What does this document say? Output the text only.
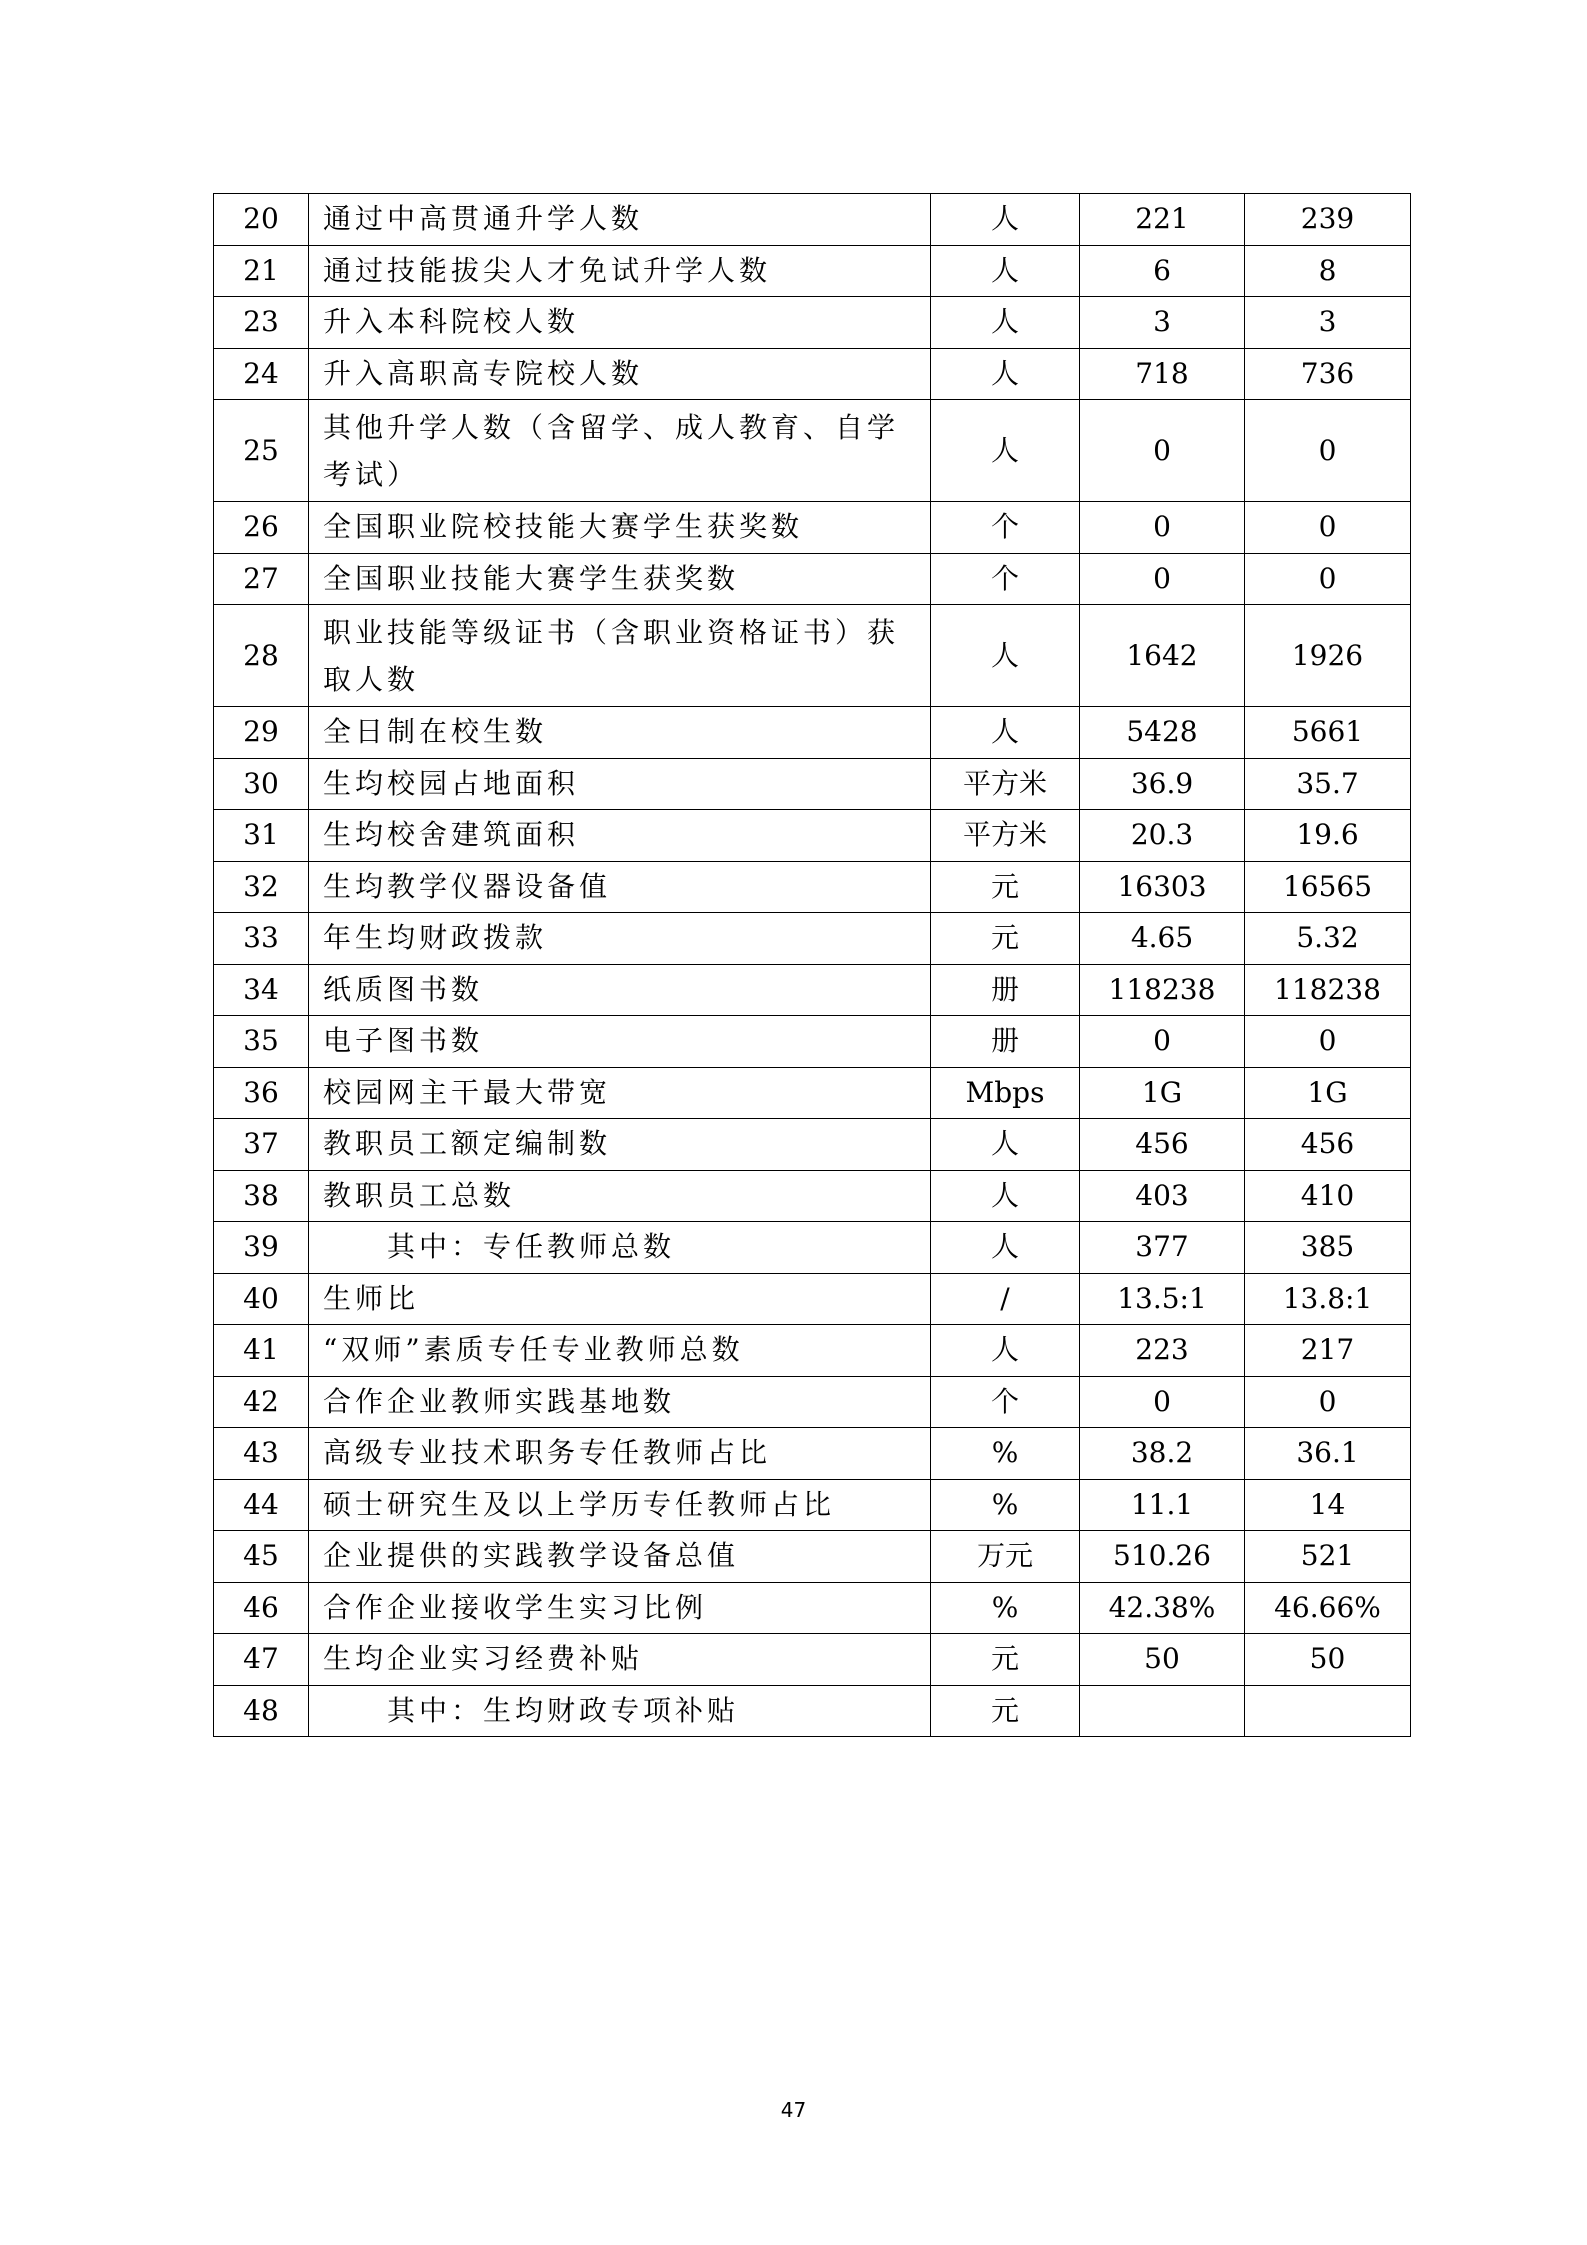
20	通过中高贯通升学人数	人	221	239
21	通过技能拔尖人才免试升学人数	人	6	8
23	升入本科院校人数	人	3	3
24	升入高职高专院校人数	人	718	736
25	其他升学人数（含留学、成人教育、自学考试）	人	0	0
26	全国职业院校技能大赛学生获奖数	个	0	0
27	全国职业技能大赛学生获奖数	个	0	0
28	职业技能等级证书（含职业资格证书）获取人数	人	1642	1926
29	全日制在校生数	人	5428	5661
30	生均校园占地面积	平方米	36.9	35.7
31	生均校舍建筑面积	平方米	20.3	19.6
32	生均教学仪器设备值	元	16303	16565
33	年生均财政拨款	元	4.65	5.32
34	纸质图书数	册	118238	118238
35	电子图书数	册	0	0
36	校园网主干最大带宽	Mbps	1G	1G
37	教职员工额定编制数	人	456	456
38	教职员工总数	人	403	410
39	其中：专任教师总数	人	377	385
40	生师比	/	13.5:1	13.8:1
41	“双师”素质专任专业教师总数	人	223	217
42	合作企业教师实践基地数	个	0	0
43	高级专业技术职务专任教师占比	%	38.2	36.1
44	硕士研究生及以上学历专任教师占比	%	11.1	14
45	企业提供的实践教学设备总值	万元	510.26	521
46	合作企业接收学生实习比例	%	42.38%	46.66%
47	生均企业实习经费补贴	元	50	50
48	其中：生均财政专项补贴	元		
47
